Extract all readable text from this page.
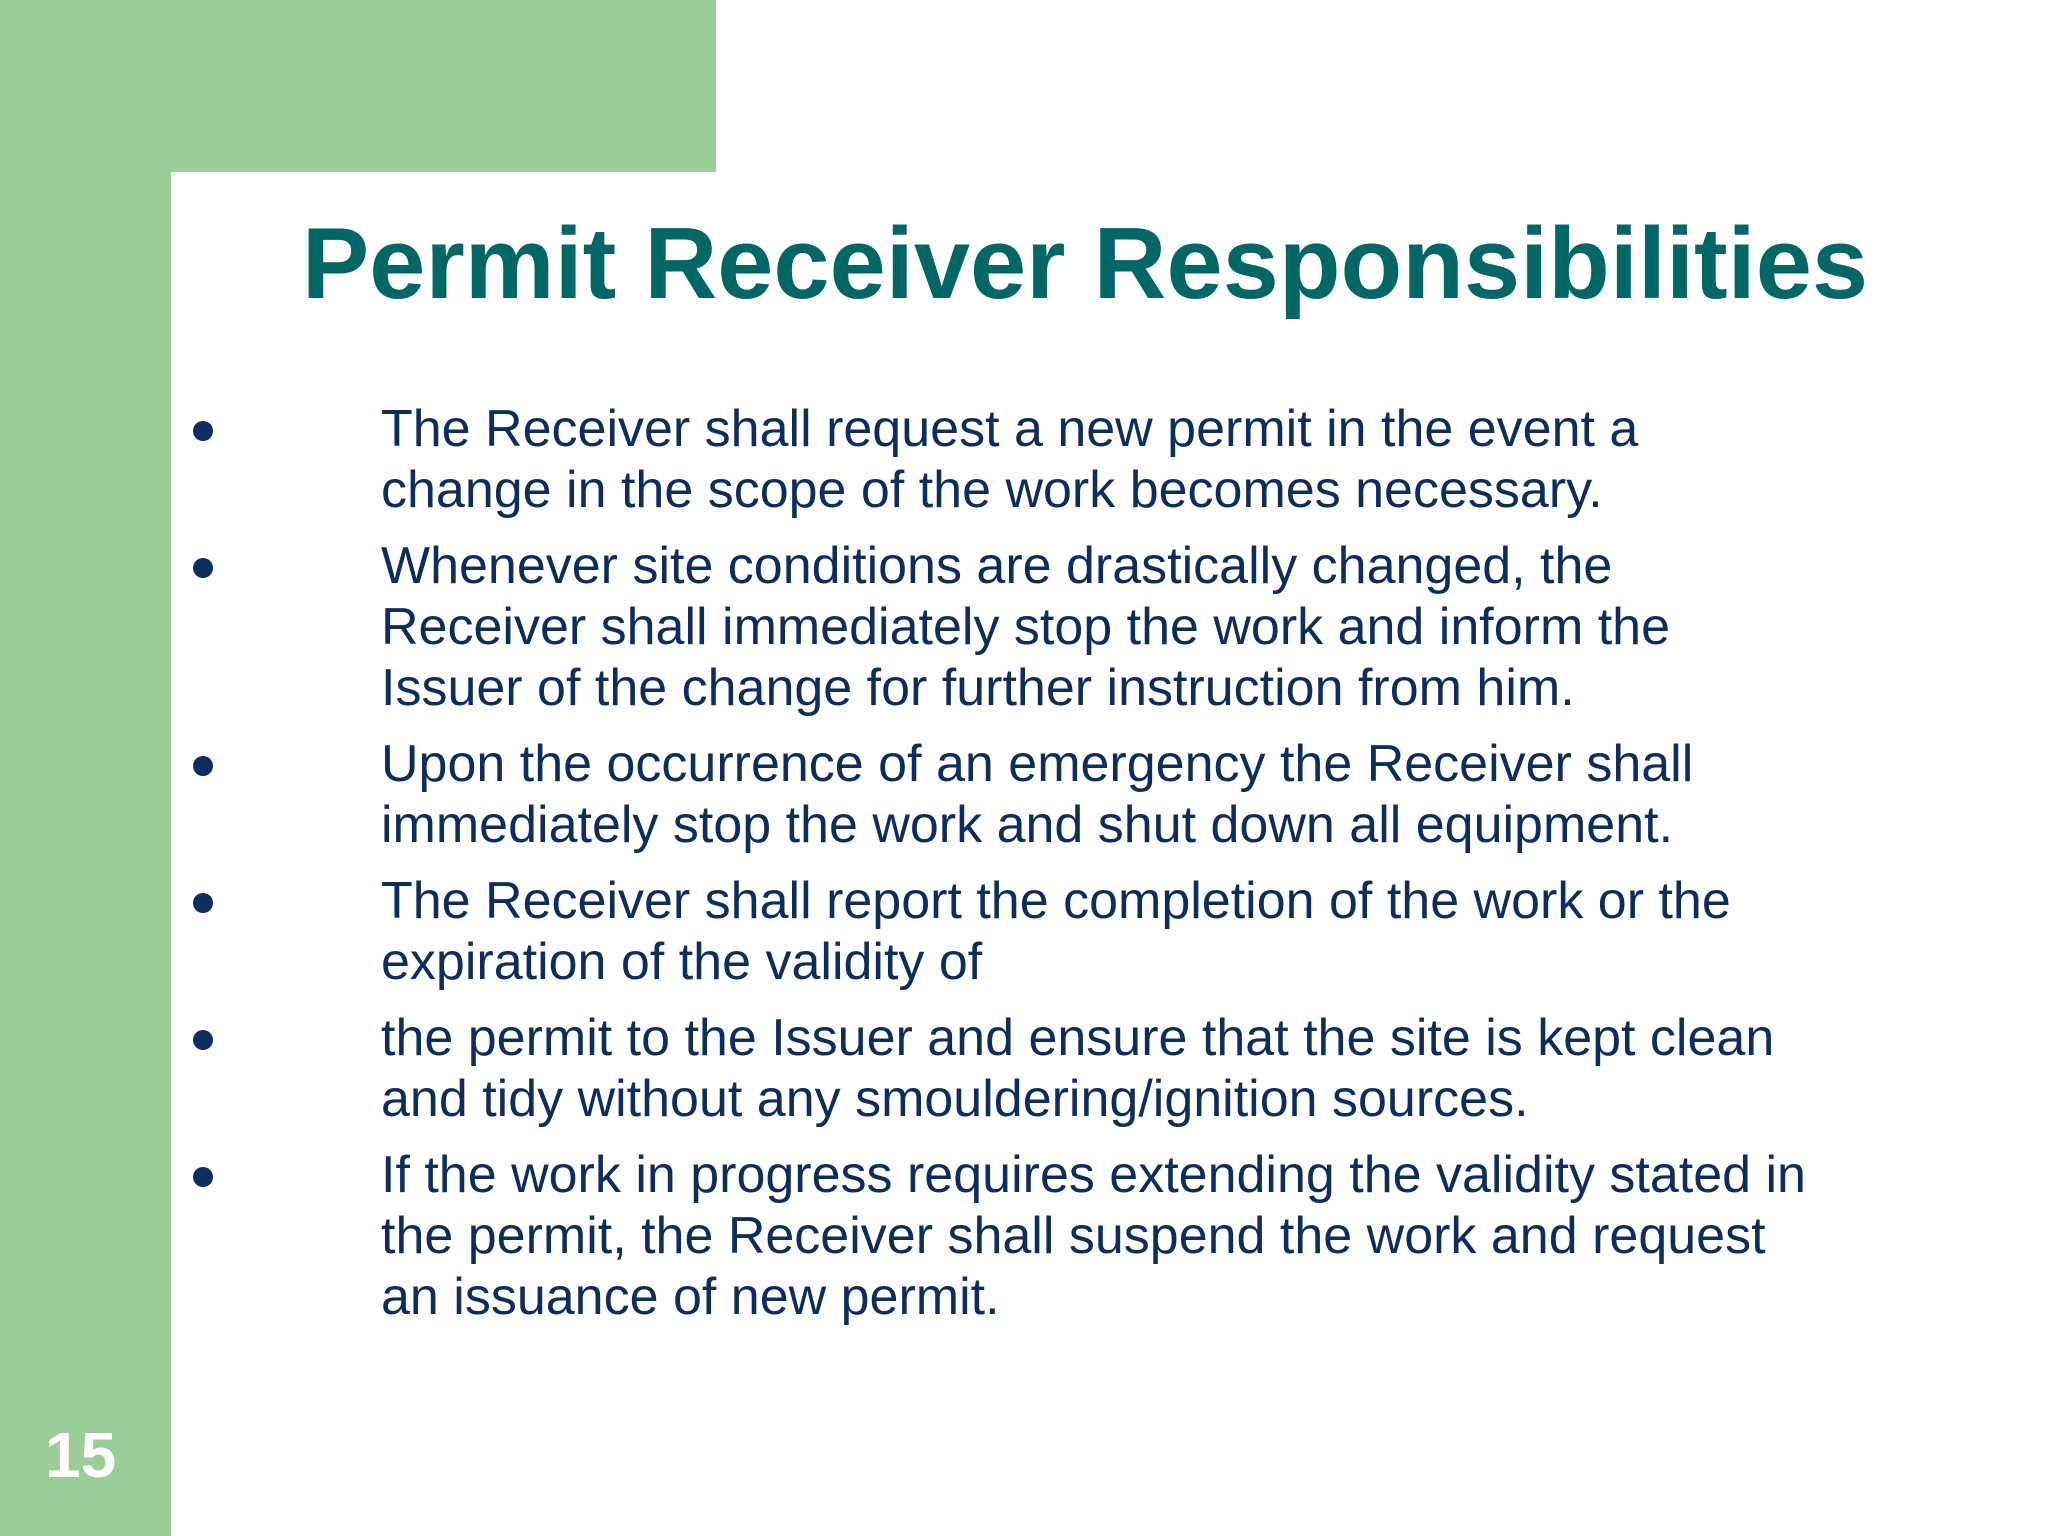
Permit Receiver Responsibilities
The Receiver shall request a new permit in the event a
change in the scope of the work becomes necessary.
Whenever site conditions are drastically changed, the
Receiver shall immediately stop the work and inform the
Issuer of the change for further instruction from him.
Upon the occurrence of an emergency the Receiver shall
immediately stop the work and shut down all equipment.
The Receiver shall report the completion of the work or the
expiration of the validity of
the permit to the Issuer and ensure that the site is kept clean
and tidy without any smouldering/ignition sources.
If the work in progress requires extending the validity stated in
the permit, the Receiver shall suspend the work and request
an issuance of new permit.
15
